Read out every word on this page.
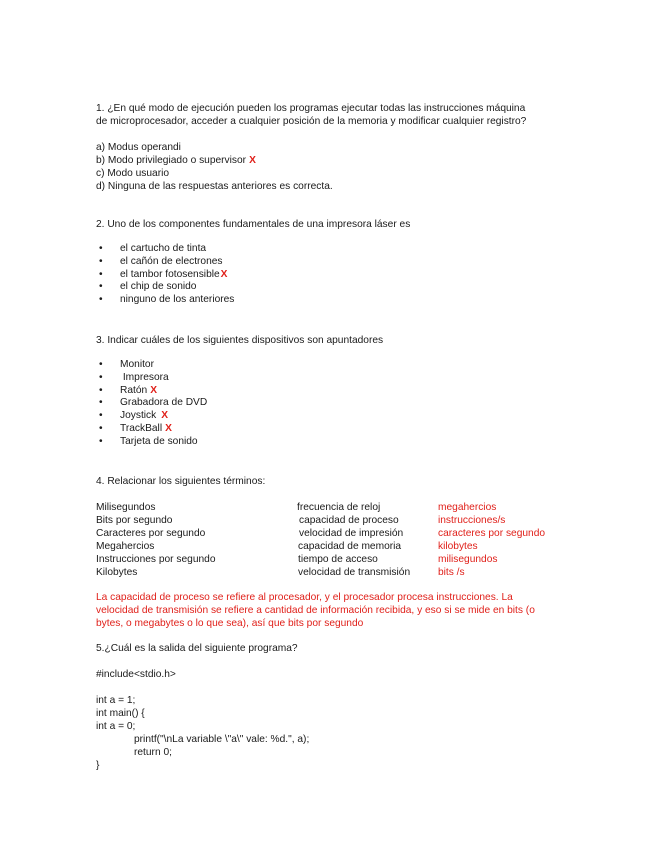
1. ¿En qué modo de ejecución pueden los programas ejecutar todas las instrucciones máquina
de microprocesador, acceder a cualquier posición de la memoria y modificar cualquier registro?
a) Modus operandi
b) Modo privilegiado o supervisor X
c) Modo usuario
d) Ninguna de las respuestas anteriores es correcta.
2. Uno de los componentes fundamentales de una impresora láser es
• el cartucho de tinta
• el cañón de electrones
• el tambor fotosensibleX
• el chip de sonido
• ninguno de los anteriores
3. Indicar cuáles de los siguientes dispositivos son apuntadores
• Monitor
• Impresora
• Ratón X
• Grabadora de DVD
• Joystick X
• TrackBall X
• Tarjeta de sonido
4. Relacionar los siguientes términos:
Milisegundos
Bits por segundo
Caracteres por segundo
Megahercios
Instrucciones por segundo
Kilobytes
frecuencia de reloj
capacidad de proceso
velocidad de impresión
capacidad de memoria
tiempo de acceso
velocidad de transmisión
megahercios
instrucciones/s
caracteres por segundo
kilobytes
milisegundos
bits /s
La capacidad de proceso se refiere al procesador, y el procesador procesa instrucciones. La
velocidad de transmisión se refiere a cantidad de información recibida, y eso si se mide en bits (o
bytes, o megabytes o lo que sea), así que bits por segundo
5.¿Cuál es la salida del siguiente programa?
#include<stdio.h>
int a = 1;
int main() {
int a = 0;
printf("\nLa variable \"a\" vale: %d.", a);
return 0;
}
